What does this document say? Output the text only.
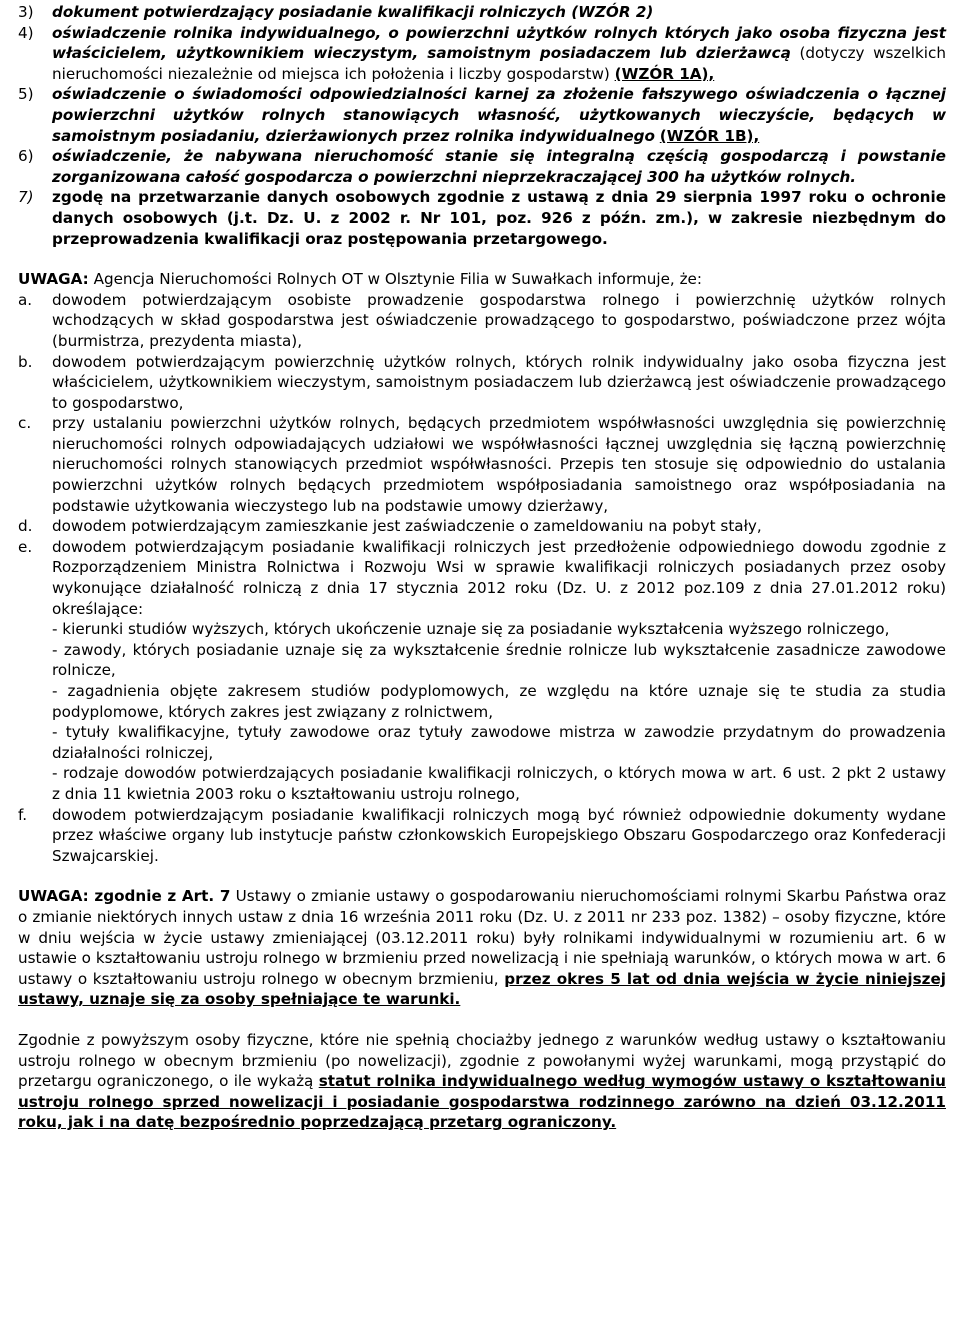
3)	dokument potwierdzający posiadanie kwalifikacji rolniczych (WZÓR 2)
4)	oświadczenie rolnika indywidualnego, o powierzchni użytków rolnych których jako osoba fizyczna jest właścicielem, użytkownikiem wieczystym, samoistnym posiadaczem lub dzierżawcą (dotyczy wszelkich nieruchomości niezależnie od miejsca ich położenia i liczby gospodarstw) (WZÓR 1A),
5)	oświadczenie o świadomości odpowiedzialności karnej za złożenie fałszywego oświadczenia o łącznej powierzchni użytków rolnych stanowiących własność, użytkowanych wieczyście, będących w samoistnym posiadaniu, dzierżawionych przez rolnika indywidualnego (WZÓR 1B),
6)	oświadczenie, że nabywana nieruchomość stanie się integralną częścią gospodarczą i powstanie zorganizowana całość gospodarcza o powierzchni nieprzekraczającej 300 ha użytków rolnych.
7)	zgodę na przetwarzanie danych osobowych zgodnie z ustawą z dnia 29 sierpnia 1997 roku o ochronie danych osobowych (j.t. Dz. U. z 2002 r. Nr 101, poz. 926 z późn. zm.), w zakresie niezbędnym do przeprowadzenia kwalifikacji oraz postępowania przetargowego.

UWAGA: Agencja Nieruchomości Rolnych OT w Olsztynie Filia w Suwałkach informuje, że:

a.	dowodem potwierdzającym osobiste prowadzenie gospodarstwa rolnego i powierzchnię użytków rolnych wchodzących w skład gospodarstwa jest oświadczenie prowadzącego to gospodarstwo, poświadczone przez wójta (burmistrza, prezydenta miasta),
b.	dowodem potwierdzającym powierzchnię użytków rolnych, których rolnik indywidualny jako osoba fizyczna jest właścicielem, użytkownikiem wieczystym, samoistnym posiadaczem lub dzierżawcą jest oświadczenie prowadzącego to gospodarstwo,
c.	przy ustalaniu powierzchni użytków rolnych, będących przedmiotem współwłasności uwzględnia się powierzchnię nieruchomości rolnych odpowiadających udziałowi we współwłasności łącznej uwzględnia się łączną powierzchnię nieruchomości rolnych stanowiących przedmiot współwłasności. Przepis ten stosuje się odpowiednio do ustalania powierzchni użytków rolnych będących przedmiotem współposiadania samoistnego oraz współposiadania na podstawie użytkowania wieczystego lub na podstawie umowy dzierżawy,
d.	dowodem potwierdzającym zamieszkanie jest zaświadczenie o zameldowaniu na pobyt stały,
e.	dowodem potwierdzającym posiadanie kwalifikacji rolniczych jest przedłożenie odpowiedniego dowodu zgodnie z Rozporządzeniem Ministra Rolnictwa i Rozwoju Wsi w sprawie kwalifikacji rolniczych posiadanych przez osoby wykonujące działalność rolniczą z dnia 17 stycznia 2012 roku (Dz. U. z 2012 poz.109 z dnia 27.01.2012 roku) określające:
- kierunki studiów wyższych, których ukończenie uznaje się za posiadanie wykształcenia wyższego rolniczego,
- zawody, których posiadanie uznaje się za wykształcenie średnie rolnicze lub wykształcenie zasadnicze zawodowe rolnicze,
- zagadnienia objęte zakresem studiów podyplomowych, ze względu na które uznaje się te studia za studia podyplomowe, których zakres jest związany z rolnictwem,
- tytuły kwalifikacyjne, tytuły zawodowe oraz tytuły zawodowe mistrza w zawodzie przydatnym do prowadzenia działalności rolniczej,
- rodzaje dowodów potwierdzających posiadanie kwalifikacji rolniczych, o których mowa w art. 6 ust. 2 pkt 2 ustawy z dnia 11 kwietnia 2003 roku o kształtowaniu ustroju rolnego,
f.	dowodem potwierdzającym posiadanie kwalifikacji rolniczych mogą być również odpowiednie dokumenty wydane przez właściwe organy lub instytucje państw członkowskich Europejskiego Obszaru Gospodarczego oraz Konfederacji Szwajcarskiej.

UWAGA: zgodnie z Art. 7 Ustawy o zmianie ustawy o gospodarowaniu nieruchomościami rolnymi Skarbu Państwa oraz o zmianie niektórych innych ustaw z dnia 16 września 2011 roku (Dz. U. z 2011 nr 233 poz. 1382) – osoby fizyczne, które w dniu wejścia w życie ustawy zmieniającej (03.12.2011 roku) były rolnikami indywidualnymi w rozumieniu art. 6 w ustawie o kształtowaniu ustroju rolnego w brzmieniu przed nowelizacją i nie spełniają warunków, o których mowa w art. 6 ustawy o kształtowaniu ustroju rolnego w obecnym brzmieniu, przez okres 5 lat od dnia wejścia w życie niniejszej ustawy, uznaje się za osoby spełniające te warunki.

Zgodnie z powyższym osoby fizyczne, które nie spełnią chociażby jednego z warunków według ustawy o kształtowaniu ustroju rolnego w obecnym brzmieniu (po nowelizacji), zgodnie z powołanymi wyżej warunkami, mogą przystąpić do przetargu ograniczonego, o ile wykażą statut rolnika indywidualnego według wymogów ustawy o kształtowaniu ustroju rolnego sprzed nowelizacji i posiadanie gospodarstwa rodzinnego zarówno na dzień 03.12.2011 roku, jak i na datę bezpośrednio poprzedzającą przetarg ograniczony.
